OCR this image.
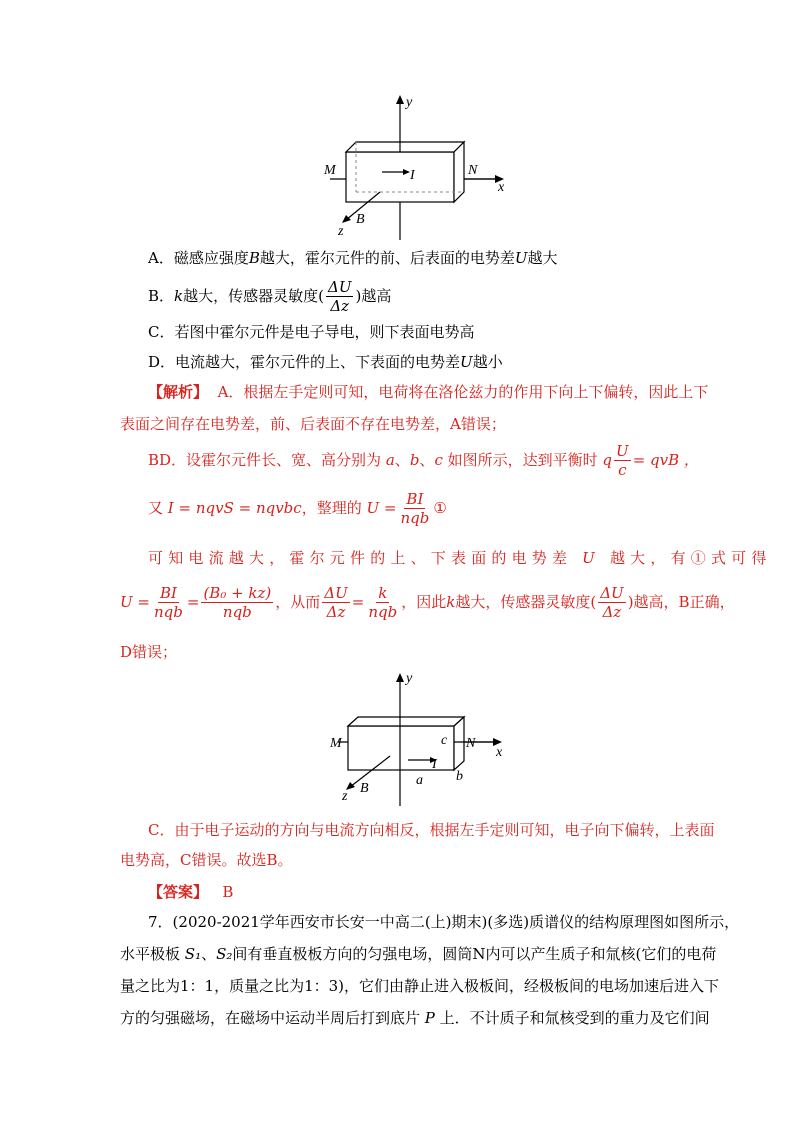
y
x
z
M	N
I
B
A．磁感应强度B越大，霍尔元件的前、后表面的电势差U越大
B． k 越大，传感器灵敏度( $\frac{\Delta U}{\Delta z}$ )越高
C．若图中霍尔元件是电子导电，则下表面电势高
D．电流越大，霍尔元件的上、下表面的电势差U越小
【解析】 A．根据左手定则可知，电荷将在洛伦兹力的作用下向上下偏转，因此上下
表面之间存在电势差，前、后表面不存在电势差，A错误；
BD．设霍尔元件长、宽、高分别为
a 、 b 、 c
如图所示，达到平衡时
q $\frac{U}{c}$ = qvB ，
又
I = nqvS = nqvbc ，整理的
$U = \frac{BI}{\text{nqb}}$ ①
可知电流越大，霍尔元件的上、下表面的电势差 U 越大，有①式可得
$U = \frac{BI}{\text{nqb}} = \frac{\text{(B₀ + kz)}}{\text{nqb}}$ ，从而 $\frac{\Delta U}{\Delta z} = \frac{k}{\text{nqb}}$ ，因此 k 越大，传感器灵敏度( $\frac{\Delta U}{\Delta z}$ )越高，B正确，
D错误；
y
x
z
M	N
I
B
a b
c
C．由于电子运动的方向与电流方向相反，根据左手定则可知，电子向下偏转，上表面
电势高，C错误。故选B。
【答案】 B
7．(2020-2021学年西安市长安一中高二(上)期末)(多选)质谱仪的结构原理图如图所示，
水平极板 S₁、S₂间有垂直极板方向的匀强电场，圆筒N内可以产生质子和氚核(它们的电荷
量之比为1：1，质量之比为1：3)，它们由静止进入极板间，经极板间的电场加速后进入下
方的匀强磁场，在磁场中运动半周后打到底片 P 上．不计质子和氚核受到的重力及它们间
